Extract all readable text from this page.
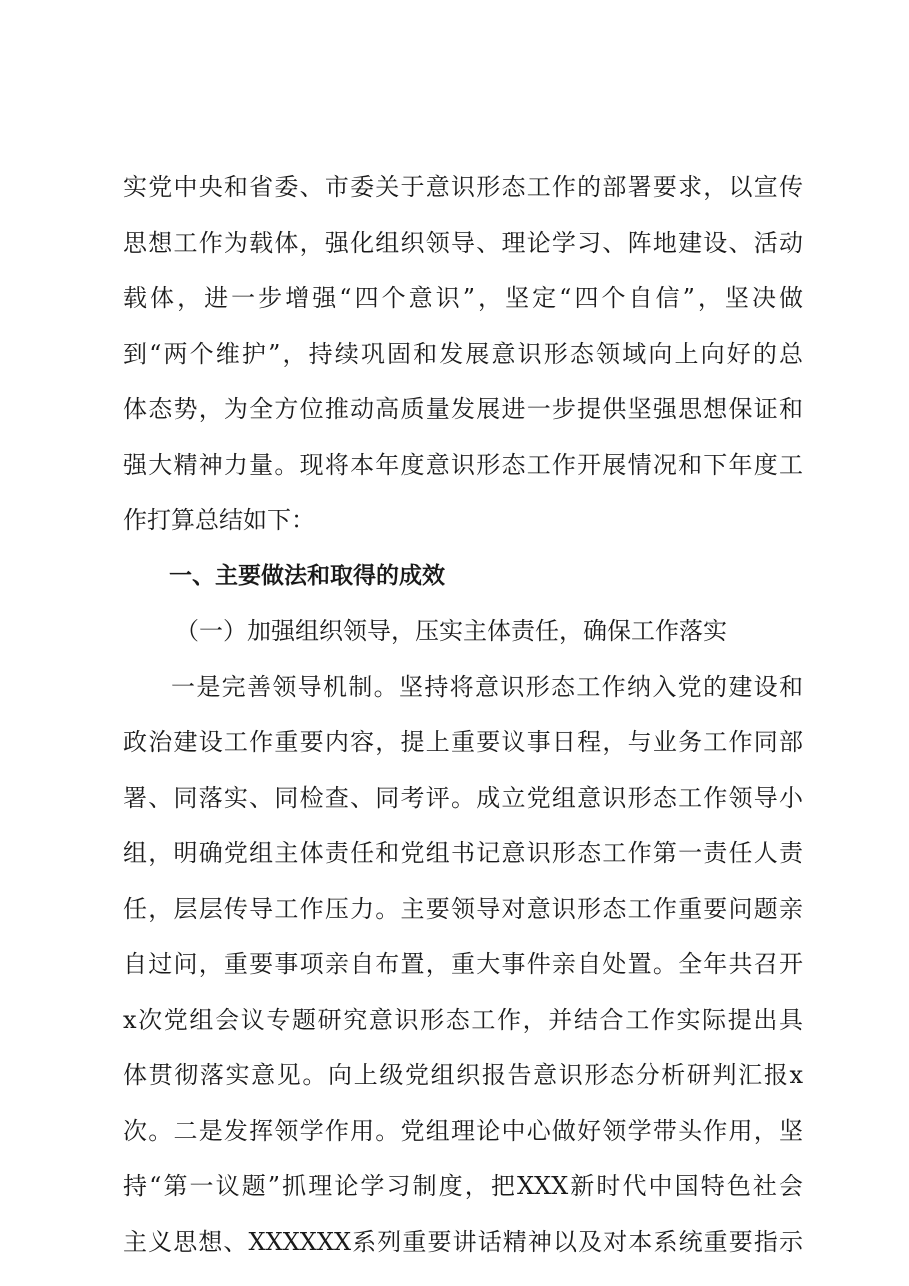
实党中央和省委、市委关于意识形态工作的部署要求，以宣传
思想工作为载体，强化组织领导、理论学习、阵地建设、活动
载体，进一步增强“四个意识”，坚定“四个自信”，坚决做
到“两个维护”，持续巩固和发展意识形态领域向上向好的总
体态势，为全方位推动高质量发展进一步提供坚强思想保证和
强大精神力量。现将本年度意识形态工作开展情况和下年度工
作打算总结如下：
一、主要做法和取得的成效
（一）加强组织领导，压实主体责任，确保工作落实
一是完善领导机制。坚持将意识形态工作纳入党的建设和
政治建设工作重要内容，提上重要议事日程，与业务工作同部
署、同落实、同检查、同考评。成立党组意识形态工作领导小
组，明确党组主体责任和党组书记意识形态工作第一责任人责
任，层层传导工作压力。主要领导对意识形态工作重要问题亲
自过问，重要事项亲自布置，重大事件亲自处置。全年共召开
x次党组会议专题研究意识形态工作，并结合工作实际提出具
体贯彻落实意见。向上级党组织报告意识形态分析研判汇报x
次。二是发挥领学作用。党组理论中心做好领学带头作用，坚
持“第一议题”抓理论学习制度，把XXX新时代中国特色社会
主义思想、XXXXXX系列重要讲话精神以及对本系统重要指示
